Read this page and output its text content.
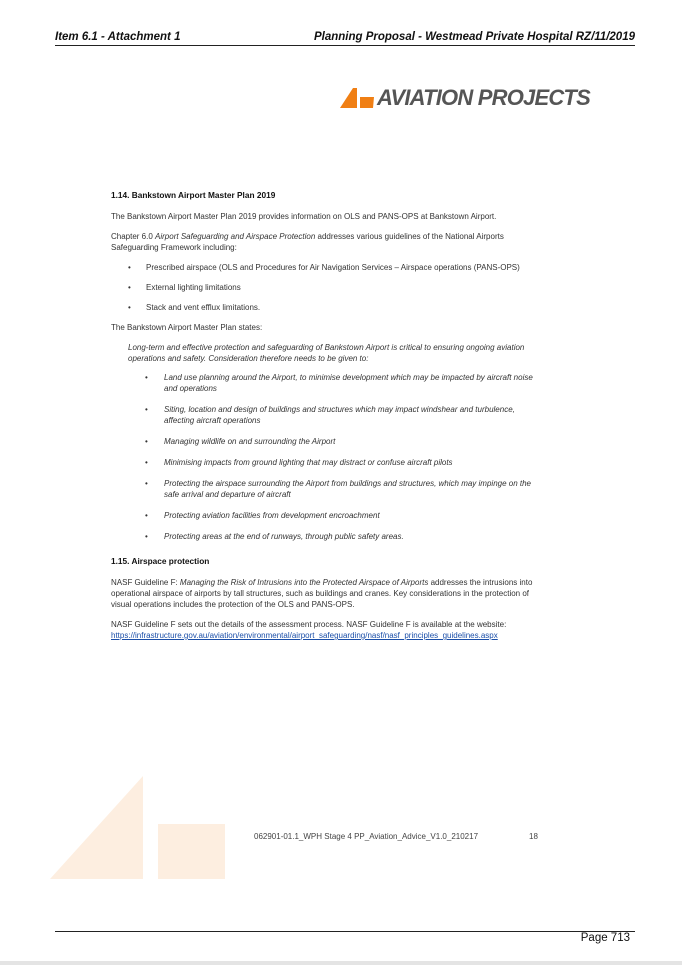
Item 6.1 - Attachment 1	Planning Proposal - Westmead Private Hospital RZ/11/2019
AVIATION PROJECTS
1.14. Bankstown Airport Master Plan 2019
The Bankstown Airport Master Plan 2019 provides information on OLS and PANS-OPS at Bankstown Airport.
Chapter 6.0 Airport Safeguarding and Airspace Protection addresses various guidelines of the National Airports Safeguarding Framework including:
• Prescribed airspace (OLS and Procedures for Air Navigation Services – Airspace operations (PANS-OPS)
• External lighting limitations
• Stack and vent efflux limitations.
The Bankstown Airport Master Plan states:
Long-term and effective protection and safeguarding of Bankstown Airport is critical to ensuring ongoing aviation operations and safety. Consideration therefore needs to be given to:
• Land use planning around the Airport, to minimise development which may be impacted by aircraft noise and operations
• Siting, location and design of buildings and structures which may impact windshear and turbulence, affecting aircraft operations
• Managing wildlife on and surrounding the Airport
• Minimising impacts from ground lighting that may distract or confuse aircraft pilots
• Protecting the airspace surrounding the Airport from buildings and structures, which may impinge on the safe arrival and departure of aircraft
• Protecting aviation facilities from development encroachment
• Protecting areas at the end of runways, through public safety areas.
1.15. Airspace protection
NASF Guideline F: Managing the Risk of Intrusions into the Protected Airspace of Airports addresses the intrusions into operational airspace of airports by tall structures, such as buildings and cranes. Key considerations in the protection of visual operations includes the protection of the OLS and PANS-OPS.
NASF Guideline F sets out the details of the assessment process. NASF Guideline F is available at the website:
https://infrastructure.gov.au/aviation/environmental/airport_safeguarding/nasf/nasf_principles_guidelines.aspx
062901-01.1_WPH Stage 4 PP_Aviation_Advice_V1.0_210217	18
Page 713
